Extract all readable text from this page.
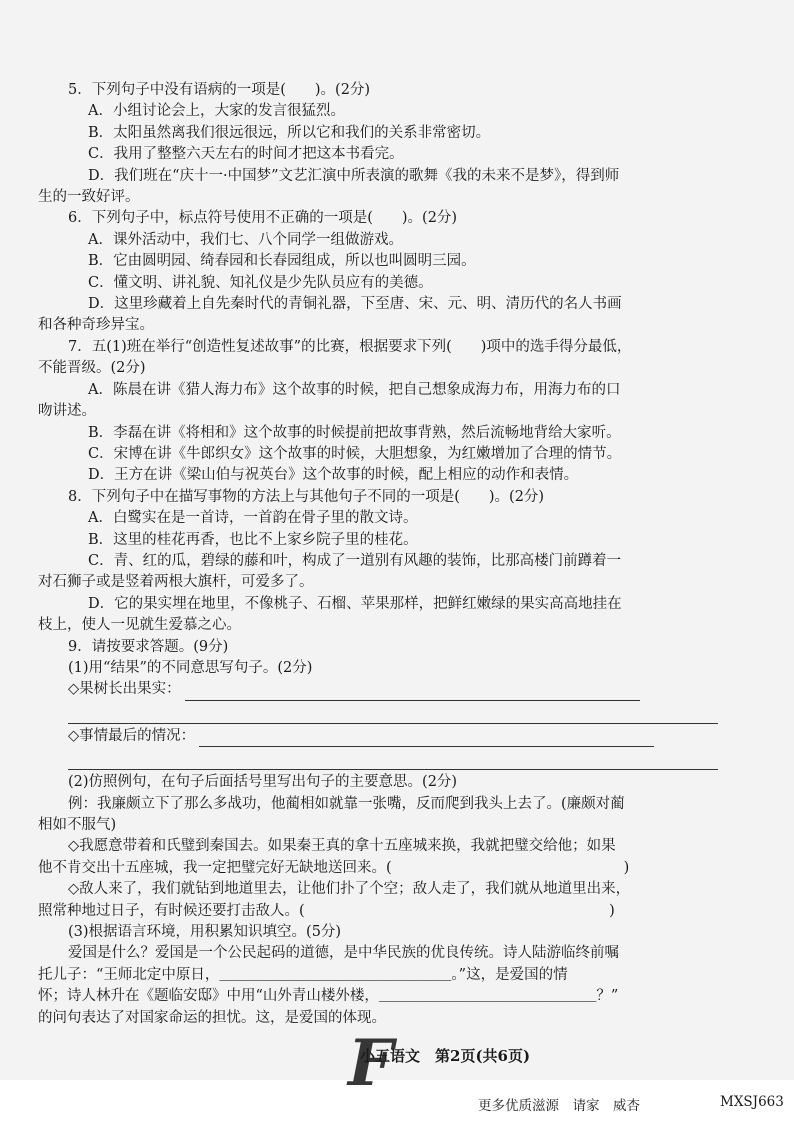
5．下列句子中没有语病的一项是(　　)。(2分)
A．小组讨论会上，大家的发言很猛烈。
B．太阳虽然离我们很远很远，所以它和我们的关系非常密切。
C．我用了整整六天左右的时间才把这本书看完。
D．我们班在“庆十一·中国梦”文艺汇演中所表演的歌舞《我的未来不是梦》，得到师
生的一致好评。
6．下列句子中，标点符号使用不正确的一项是(　　)。(2分)
A．课外活动中，我们七、八个同学一组做游戏。
B．它由圆明园、绮春园和长春园组成，所以也叫圆明三园。
C．懂文明、讲礼貌、知礼仪是少先队员应有的美德。
D．这里珍藏着上自先秦时代的青铜礼器，下至唐、宋、元、明、清历代的名人书画
和各种奇珍异宝。
7．五(1)班在举行“创造性复述故事”的比赛，根据要求下列(　　)项中的选手得分最低，
不能晋级。(2分)
A．陈晨在讲《猎人海力布》这个故事的时候，把自己想象成海力布，用海力布的口
吻讲述。
B．李磊在讲《将相和》这个故事的时候提前把故事背熟，然后流畅地背给大家听。
C．宋博在讲《牛郎织女》这个故事的时候，大胆想象，为红嫩增加了合理的情节。
D．王方在讲《梁山伯与祝英台》这个故事的时候，配上相应的动作和表情。
8．下列句子中在描写事物的方法上与其他句子不同的一项是(　　)。(2分)
A．白鹭实在是一首诗，一首韵在骨子里的散文诗。
B．这里的桂花再香，也比不上家乡院子里的桂花。
C．青、红的瓜，碧绿的藤和叶，构成了一道别有风趣的装饰，比那高楼门前蹲着一
对石狮子或是竖着两根大旗杆，可爱多了。
D．它的果实埋在地里，不像桃子、石榴、苹果那样，把鲜红嫩绿的果实高高地挂在
枝上，使人一见就生爱慕之心。
9．请按要求答题。(9分)
(1)用“结果”的不同意思写句子。(2分)
◇果树长出果实：
◇事情最后的情况：
(2)仿照例句，在句子后面括号里写出句子的主要意思。(2分)
例：我廉颇立下了那么多战功，他蔺相如就靠一张嘴，反而爬到我头上去了。(廉颇对蔺
相如不服气)
◇我愿意带着和氏璧到秦国去。如果秦王真的拿十五座城来换，我就把璧交给他；如果
他不肯交出十五座城，我一定把璧完好无缺地送回来。(　　　　　　　　　　　　　　　　)
◇敌人来了，我们就钻到地道里去，让他们扑了个空；敌人走了，我们就从地道里出来，
照常种地过日子，有时候还要打击敌人。(　　　　　　　　　　　　　　　　　　　　　)
(3)根据语言环境，用积累知识填空。(5分)
爱国是什么？爱国是一个公民起码的道德，是中华民族的优良传统。诗人陆游临终前嘱
托儿子：“王师北定中原日，＿＿＿＿＿＿＿＿＿＿＿＿＿＿＿＿。”这，是爱国的情
怀；诗人林升在《题临安邸》中用“山外青山楼外楼，＿＿＿＿＿＿＿＿＿＿＿＿＿＿＿？”
的问句表达了对国家命运的担忧。这，是爱国的体现。
F
小五语文　第2页(共6页)
更多优质滋源　请家　威杏	MXSJ663
